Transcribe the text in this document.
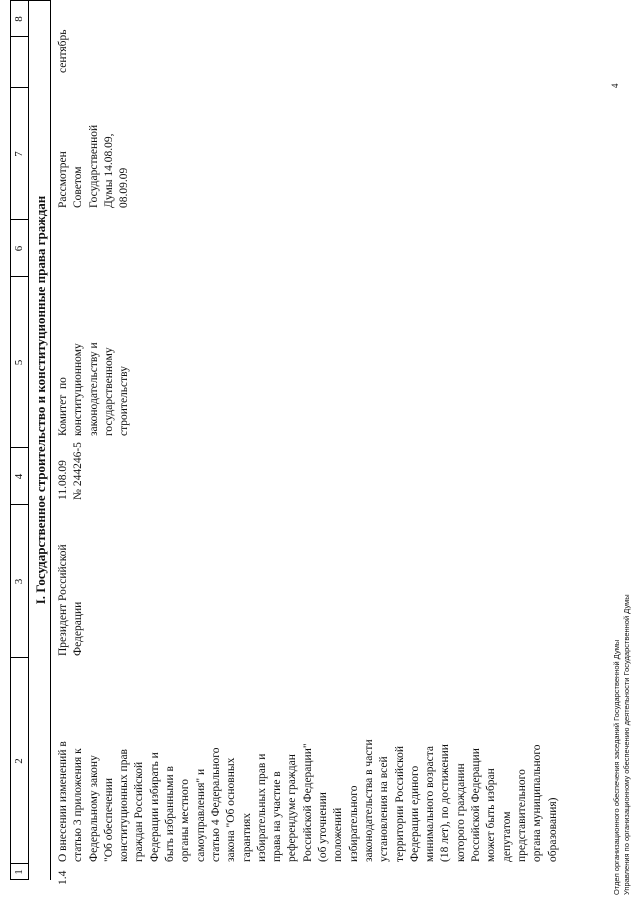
1
2
3
4
5
6
7
8
I. Государственное строительство и конституционные права граждан
1.4
О внесении изменений в
статью 3 приложения к
Федеральному закону
"Об обеспечении
конституционных прав
граждан Российской
Федерации избирать и
быть избранными в
органы местного
самоуправления" и
статью 4 Федерального
закона "Об основных
гарантиях
избирательных прав и
права на участие в
референдуме граждан
Российской Федерации"
(об уточнении
положений
избирательного
законодательства в части
установления на всей
территории Российской
Федерации единого
минимального возраста
(18 лет), по достижении
которого гражданин
Российской Федерации
может быть избран
депутатом
представительного
органа муниципального
образования)
Президент Российской
Федерации
11.08.09
№ 244246-5
Комитет  по
конституционному
законодательству и
государственному
строительству
Рассмотрен
Советом
Государственной
Думы 14.08.09,
08.09.09
сентябрь
Отдел организационного обеспечения заседаний Государственной Думы Управления по организационному обеспечению деятельности Государственной Думы
4
